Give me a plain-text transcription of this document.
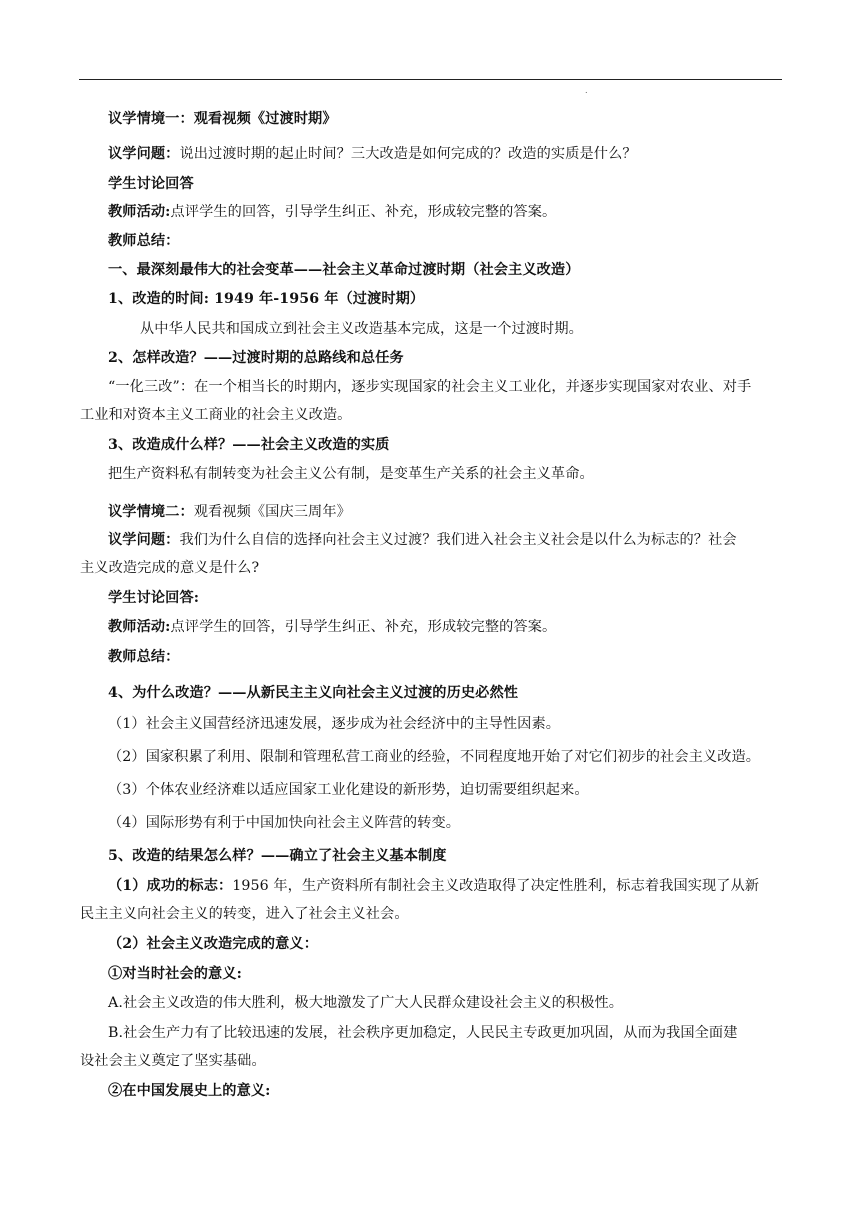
.

议学情境一：观看视频《过渡时期》

议学问题：说出过渡时期的起止时间？三大改造是如何完成的？改造的实质是什么？

学生讨论回答

教师活动:点评学生的回答，引导学生纠正、补充，形成较完整的答案。

教师总结：

一、最深刻最伟大的社会变革——社会主义革命过渡时期（社会主义改造）

1、改造的时间: 1949 年-1956 年（过渡时期）

从中华人民共和国成立到社会主义改造基本完成，这是一个过渡时期。

2、怎样改造？——过渡时期的总路线和总任务

“一化三改”：在一个相当长的时期内，逐步实现国家的社会主义工业化，并逐步实现国家对农业、对手

工业和对资本主义工商业的社会主义改造。

3、改造成什么样？——社会主义改造的实质

把生产资料私有制转变为社会主义公有制，是变革生产关系的社会主义革命。

议学情境二：观看视频《国庆三周年》

议学问题：我们为什么自信的选择向社会主义过渡？我们进入社会主义社会是以什么为标志的？社会

主义改造完成的意义是什么?

学生讨论回答:

教师活动:点评学生的回答，引导学生纠正、补充，形成较完整的答案。

教师总结：

4、为什么改造？——从新民主主义向社会主义过渡的历史必然性

（1）社会主义国营经济迅速发展，逐步成为社会经济中的主导性因素。

（2）国家积累了利用、限制和管理私营工商业的经验，不同程度地开始了对它们初步的社会主义改造。

（3）个体农业经济难以适应国家工业化建设的新形势，迫切需要组织起来。

（4）国际形势有利于中国加快向社会主义阵营的转变。

5、改造的结果怎么样？——确立了社会主义基本制度

（1）成功的标志：1956 年，生产资料所有制社会主义改造取得了决定性胜利，标志着我国实现了从新

民主主义向社会主义的转变，进入了社会主义社会。

（2）社会主义改造完成的意义：

①对当时社会的意义:

A.社会主义改造的伟大胜利，极大地激发了广大人民群众建设社会主义的积极性。

B.社会生产力有了比较迅速的发展，社会秩序更加稳定，人民民主专政更加巩固，从而为我国全面建

设社会主义奠定了坚实基础。

②在中国发展史上的意义:
